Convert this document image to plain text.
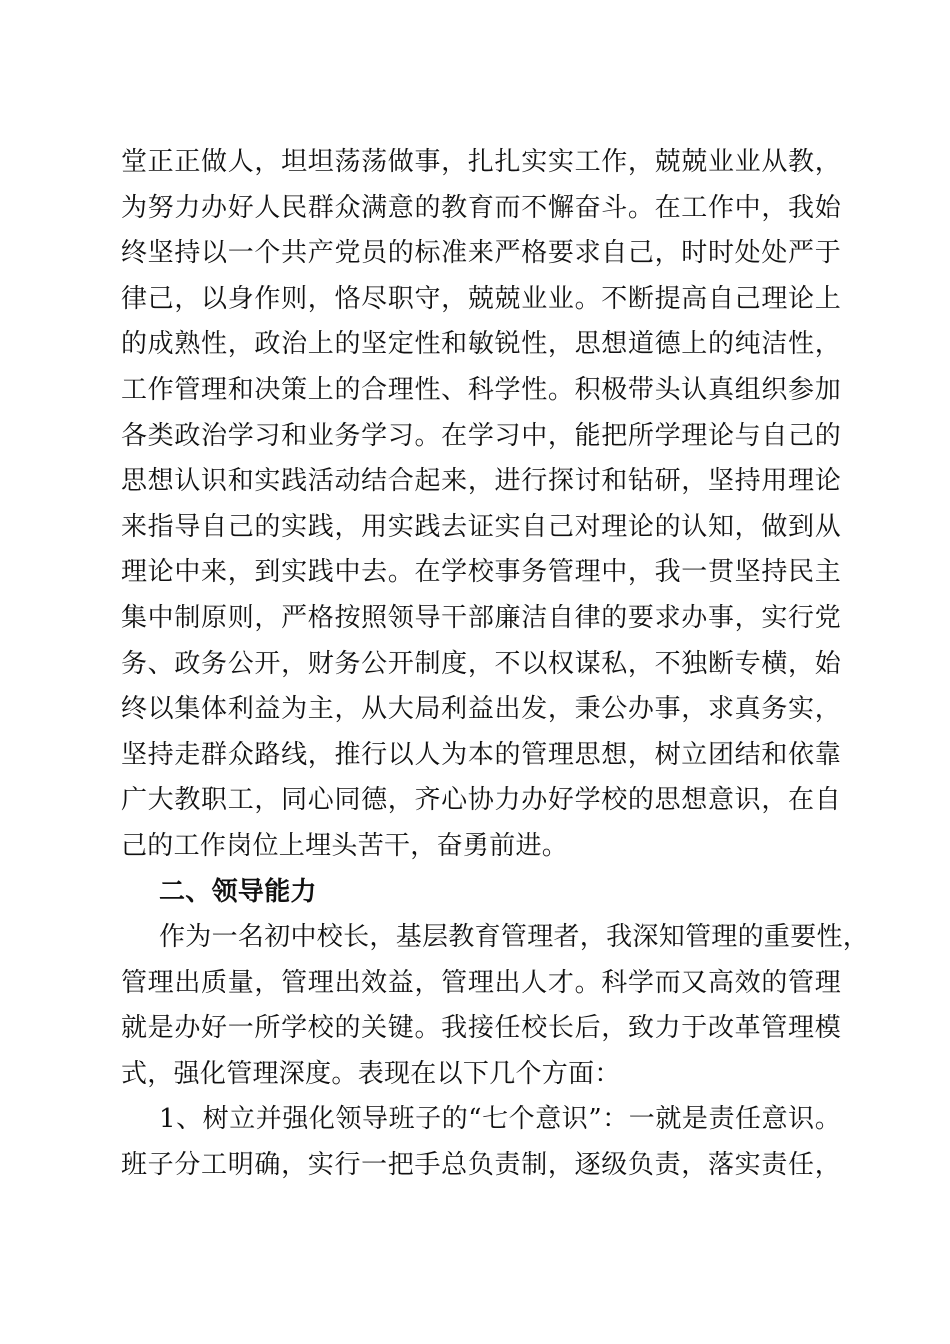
堂正正做人，坦坦荡荡做事，扎扎实实工作，兢兢业业从教，
为努力办好人民群众满意的教育而不懈奋斗。在工作中，我始
终坚持以一个共产党员的标准来严格要求自己，时时处处严于
律己，以身作则，恪尽职守，兢兢业业。不断提高自己理论上
的成熟性，政治上的坚定性和敏锐性，思想道德上的纯洁性，
工作管理和决策上的合理性、科学性。积极带头认真组织参加
各类政治学习和业务学习。在学习中，能把所学理论与自己的
思想认识和实践活动结合起来，进行探讨和钻研，坚持用理论
来指导自己的实践，用实践去证实自己对理论的认知，做到从
理论中来，到实践中去。在学校事务管理中，我一贯坚持民主
集中制原则，严格按照领导干部廉洁自律的要求办事，实行党
务、政务公开，财务公开制度，不以权谋私，不独断专横，始
终以集体利益为主，从大局利益出发，秉公办事，求真务实，
坚持走群众路线，推行以人为本的管理思想，树立团结和依靠
广大教职工，同心同德，齐心协力办好学校的思想意识，在自
己的工作岗位上埋头苦干，奋勇前进。
二、领导能力
作为一名初中校长，基层教育管理者，我深知管理的重要性，
管理出质量，管理出效益，管理出人才。科学而又高效的管理
就是办好一所学校的关键。我接任校长后，致力于改革管理模
式，强化管理深度。表现在以下几个方面：
1、树立并强化领导班子的“七个意识”：一就是责任意识。
班子分工明确，实行一把手总负责制，逐级负责，落实责任，
